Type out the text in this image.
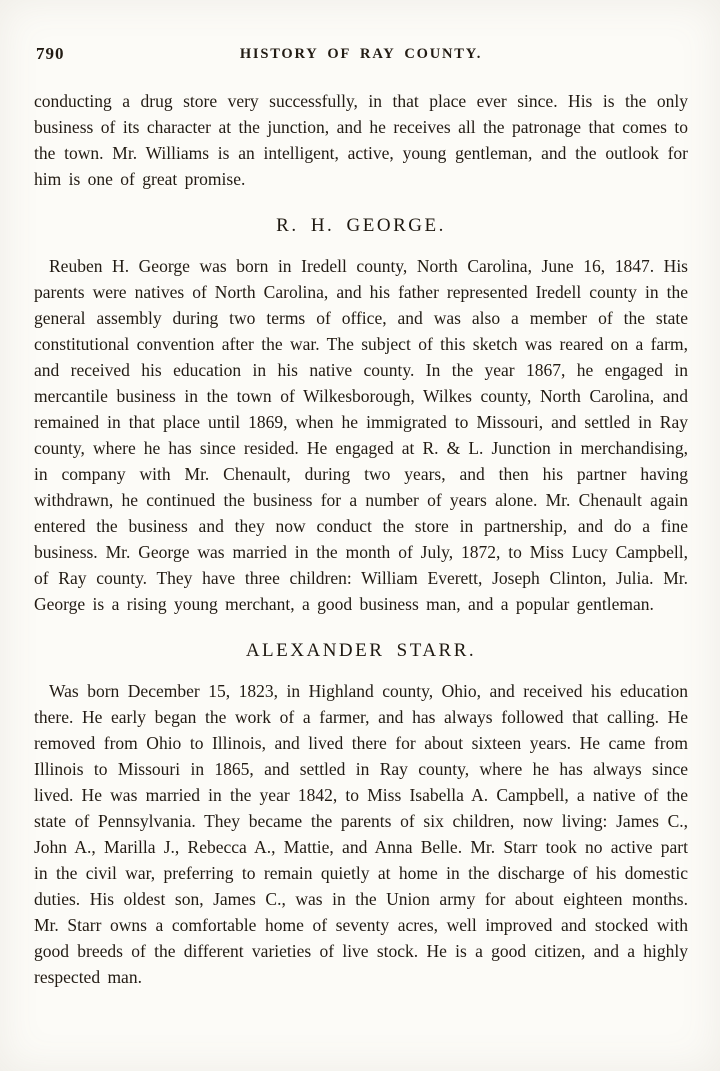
790	HISTORY OF RAY COUNTY.

conducting a drug store very successfully, in that place ever since. His is the only business of its character at the junction, and he receives all the patronage that comes to the town. Mr. Williams is an intelligent, active, young gentleman, and the outlook for him is one of great promise.

R. H. GEORGE.

Reuben H. George was born in Iredell county, North Carolina, June 16, 1847. His parents were natives of North Carolina, and his father represented Iredell county in the general assembly during two terms of office, and was also a member of the state constitutional convention after the war. The subject of this sketch was reared on a farm, and received his education in his native county. In the year 1867, he engaged in mercantile business in the town of Wilkesborough, Wilkes county, North Carolina, and remained in that place until 1869, when he immigrated to Missouri, and settled in Ray county, where he has since resided. He engaged at R. & L. Junction in merchandising, in company with Mr. Chenault, during two years, and then his partner having withdrawn, he continued the business for a number of years alone. Mr. Chenault again entered the business and they now conduct the store in partnership, and do a fine business. Mr. George was married in the month of July, 1872, to Miss Lucy Campbell, of Ray county. They have three children: William Everett, Joseph Clinton, Julia. Mr. George is a rising young merchant, a good business man, and a popular gentleman.

ALEXANDER STARR.

Was born December 15, 1823, in Highland county, Ohio, and received his education there. He early began the work of a farmer, and has always followed that calling. He removed from Ohio to Illinois, and lived there for about sixteen years. He came from Illinois to Missouri in 1865, and settled in Ray county, where he has always since lived. He was married in the year 1842, to Miss Isabella A. Campbell, a native of the state of Pennsylvania. They became the parents of six children, now living: James C., John A., Marilla J., Rebecca A., Mattie, and Anna Belle. Mr. Starr took no active part in the civil war, preferring to remain quietly at home in the discharge of his domestic duties. His oldest son, James C., was in the Union army for about eighteen months. Mr. Starr owns a comfortable home of seventy acres, well improved and stocked with good breeds of the different varieties of live stock. He is a good citizen, and a highly respected man.
